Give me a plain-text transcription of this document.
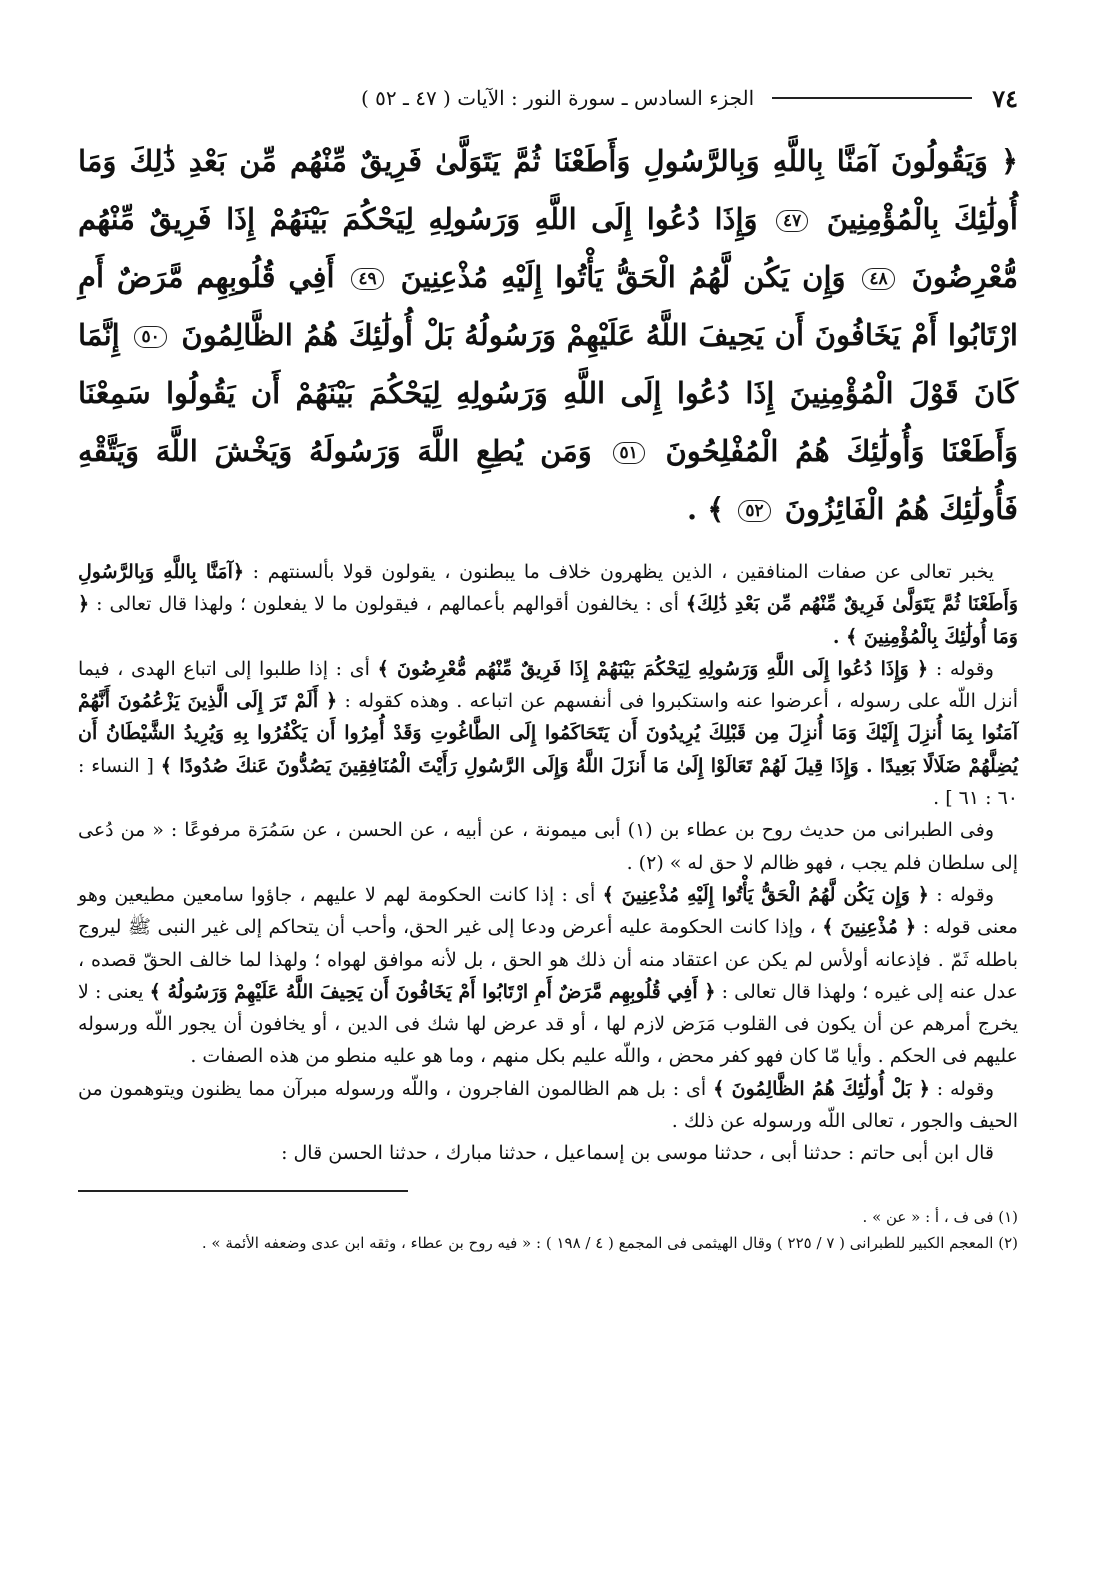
٧٤
الجزء السادس ـ سورة النور : الآيات ( ٤٧ ـ ٥٢ )
﴿ وَيَقُولُونَ آمَنَّا بِاللَّهِ وَبِالرَّسُولِ وَأَطَعْنَا ثُمَّ يَتَوَلَّىٰ فَرِيقٌ مِّنْهُم مِّن بَعْدِ ذَٰلِكَ وَمَا أُولَٰئِكَ بِالْمُؤْمِنِينَ ٤٧ وَإِذَا دُعُوا إِلَى اللَّهِ وَرَسُولِهِ لِيَحْكُمَ بَيْنَهُمْ إِذَا فَرِيقٌ مِّنْهُم مُّعْرِضُونَ ٤٨ وَإِن يَكُن لَّهُمُ الْحَقُّ يَأْتُوا إِلَيْهِ مُذْعِنِينَ ٤٩ أَفِي قُلُوبِهِم مَّرَضٌ أَمِ ارْتَابُوا أَمْ يَخَافُونَ أَن يَحِيفَ اللَّهُ عَلَيْهِمْ وَرَسُولُهُ بَلْ أُولَٰئِكَ هُمُ الظَّالِمُونَ ٥٠ إِنَّمَا كَانَ قَوْلَ الْمُؤْمِنِينَ إِذَا دُعُوا إِلَى اللَّهِ وَرَسُولِهِ لِيَحْكُمَ بَيْنَهُمْ أَن يَقُولُوا سَمِعْنَا وَأَطَعْنَا وَأُولَٰئِكَ هُمُ الْمُفْلِحُونَ ٥١ وَمَن يُطِعِ اللَّهَ وَرَسُولَهُ وَيَخْشَ اللَّهَ وَيَتَّقْهِ فَأُولَٰئِكَ هُمُ الْفَائِزُونَ ٥٢ ﴾ .

يخبر تعالى عن صفات المنافقين ، الذين يظهرون خلاف ما يبطنون ، يقولون قولا بألسنتهم : ﴿آمَنَّا بِاللَّهِ وَبِالرَّسُولِ وَأَطَعْنَا ثُمَّ يَتَوَلَّىٰ فَرِيقٌ مِّنْهُم مِّن بَعْدِ ذَٰلِكَ﴾ أى : يخالفون أقوالهم بأعمالهم ، فيقولون ما لا يفعلون ؛ ولهذا قال تعالى : ﴿ وَمَا أُولَٰئِكَ بِالْمُؤْمِنِينَ ﴾ .

وقوله : ﴿ وَإِذَا دُعُوا إِلَى اللَّهِ وَرَسُولِهِ لِيَحْكُمَ بَيْنَهُمْ إِذَا فَرِيقٌ مِّنْهُم مُّعْرِضُونَ ﴾ أى : إذا طلبوا إلى اتباع الهدى ، فيما أنزل اللّه على رسوله ، أعرضوا عنه واستكبروا فى أنفسهم عن اتباعه . وهذه كقوله : ﴿ أَلَمْ تَرَ إِلَى الَّذِينَ يَزْعُمُونَ أَنَّهُمْ آمَنُوا بِمَا أُنزِلَ إِلَيْكَ وَمَا أُنزِلَ مِن قَبْلِكَ يُرِيدُونَ أَن يَتَحَاكَمُوا إِلَى الطَّاغُوتِ وَقَدْ أُمِرُوا أَن يَكْفُرُوا بِهِ وَيُرِيدُ الشَّيْطَانُ أَن يُضِلَّهُمْ ضَلَالًا بَعِيدًا . وَإِذَا قِيلَ لَهُمْ تَعَالَوْا إِلَىٰ مَا أَنزَلَ اللَّهُ وَإِلَى الرَّسُولِ رَأَيْتَ الْمُنَافِقِينَ يَصُدُّونَ عَنكَ صُدُودًا ﴾ [ النساء : ٦٠ : ٦١ ] .

وفى الطبرانى من حديث روح بن عطاء بن (١) أبى ميمونة ، عن أبيه ، عن الحسن ، عن سَمُرَة مرفوعًا : « من دُعى إلى سلطان فلم يجب ، فهو ظالم لا حق له » (٢) .

وقوله : ﴿ وَإِن يَكُن لَّهُمُ الْحَقُّ يَأْتُوا إِلَيْهِ مُذْعِنِينَ ﴾ أى : إذا كانت الحكومة لهم لا عليهم ، جاؤوا سامعين مطيعين وهو معنى قوله : ﴿ مُذْعِنِينَ ﴾ ، وإذا كانت الحكومة عليه أعرض ودعا إلى غير الحق، وأحب أن يتحاكم إلى غير النبى ﷺ ليروج باطله ثَمّ . فإذعانه أولأس لم يكن عن اعتقاد منه أن ذلك هو الحق ، بل لأنه موافق لهواه ؛ ولهذا لما خالف الحقّ قصده ، عدل عنه إلى غيره ؛ ولهذا قال تعالى : ﴿ أَفِي قُلُوبِهِم مَّرَضٌ أَمِ ارْتَابُوا أَمْ يَخَافُونَ أَن يَحِيفَ اللَّهُ عَلَيْهِمْ وَرَسُولُهُ ﴾ يعنى : لا يخرج أمرهم عن أن يكون فى القلوب مَرَض لازم لها ، أو قد عرض لها شك فى الدين ، أو يخافون أن يجور اللّه ورسوله عليهم فى الحكم . وأيا مّا كان فهو كفر محض ، واللّه عليم بكل منهم ، وما هو عليه منطو من هذه الصفات .

وقوله : ﴿ بَلْ أُولَٰئِكَ هُمُ الظَّالِمُونَ ﴾ أى : بل هم الظالمون الفاجرون ، واللّه ورسوله مبرآن مما يظنون ويتوهمون من الحيف والجور ، تعالى اللّه ورسوله عن ذلك .

قال ابن أبى حاتم : حدثنا أبى ، حدثنا موسى بن إسماعيل ، حدثنا مبارك ، حدثنا الحسن قال :

(١) فى ف ، أ : « عن » .

(٢) المعجم الكبير للطبرانى ( ٧ / ٢٢٥ ) وقال الهيثمى فى المجمع ( ٤ / ١٩٨ ) : « فيه روح بن عطاء ، وثقه ابن عدى وضعفه الأئمة » .
